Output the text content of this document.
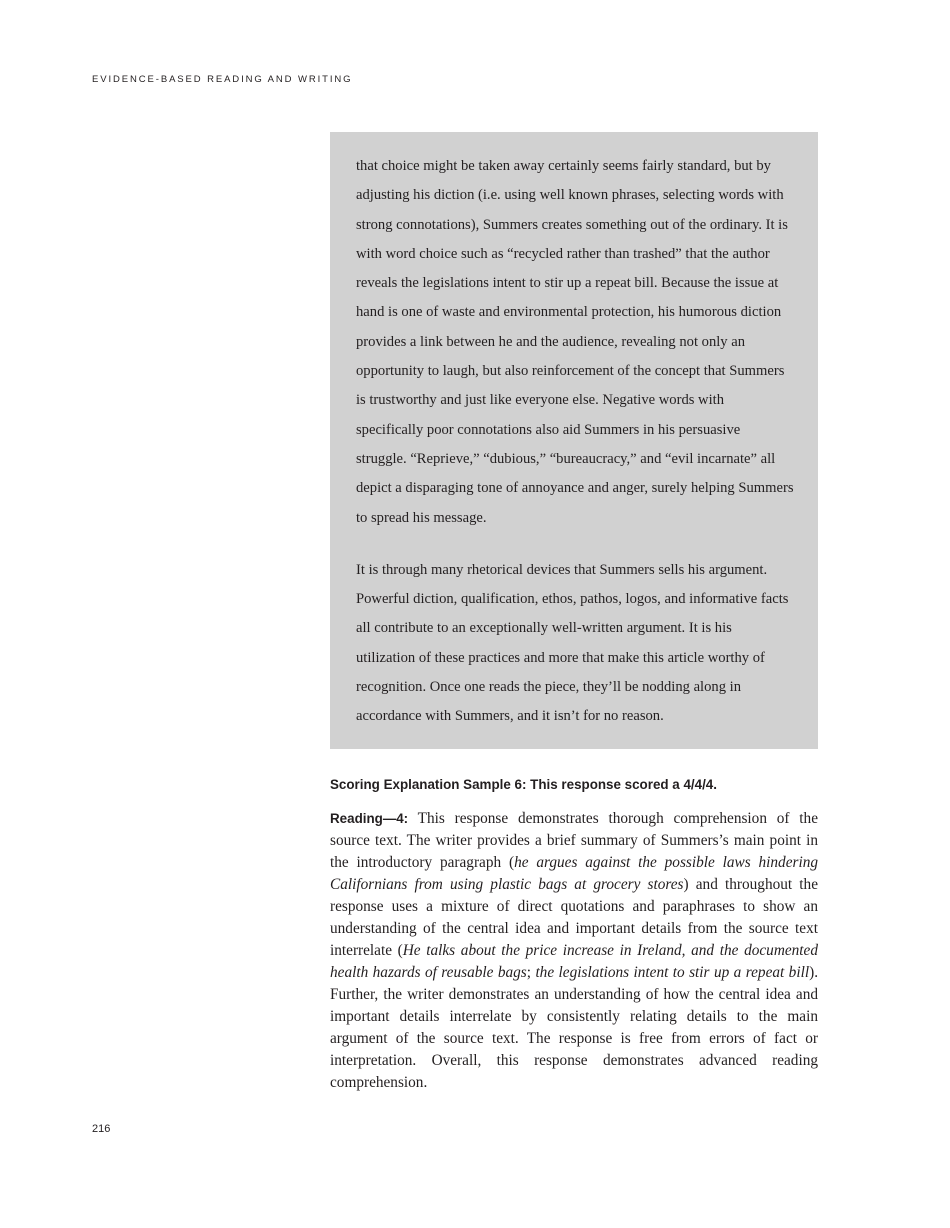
EVIDENCE-BASED READING AND WRITING

that choice might be taken away certainly seems fairly standard, but by adjusting his diction (i.e. using well known phrases, selecting words with strong connotations), Summers creates something out of the ordinary. It is with word choice such as “recycled rather than trashed” that the author reveals the legislations intent to stir up a repeat bill. Because the issue at hand is one of waste and environmental protection, his humorous diction provides a link between he and the audience, revealing not only an opportunity to laugh, but also reinforcement of the concept that Summers is trustworthy and just like everyone else. Negative words with specifically poor connotations also aid Summers in his persuasive struggle. “Reprieve,” “dubious,” “bureaucracy,” and “evil incarnate” all depict a disparaging tone of annoyance and anger, surely helping Summers to spread his message.

It is through many rhetorical devices that Summers sells his argument. Powerful diction, qualification, ethos, pathos, logos, and informative facts all contribute to an exceptionally well-written argument. It is his utilization of these practices and more that make this article worthy of recognition. Once one reads the piece, they’ll be nodding along in accordance with Summers, and it isn’t for no reason.

Scoring Explanation Sample 6: This response scored a 4/4/4.

Reading—4: This response demonstrates thorough comprehension of the source text. The writer provides a brief summary of Summers’s main point in the introductory paragraph (he argues against the possible laws hindering Californians from using plastic bags at grocery stores) and throughout the response uses a mixture of direct quotations and paraphrases to show an understanding of the central idea and important details from the source text interrelate (He talks about the price increase in Ireland, and the documented health hazards of reusable bags; the legislations intent to stir up a repeat bill). Further, the writer demonstrates an understanding of how the central idea and important details interrelate by consistently relating details to the main argument of the source text. The response is free from errors of fact or interpretation. Overall, this response demonstrates advanced reading comprehension.

216
